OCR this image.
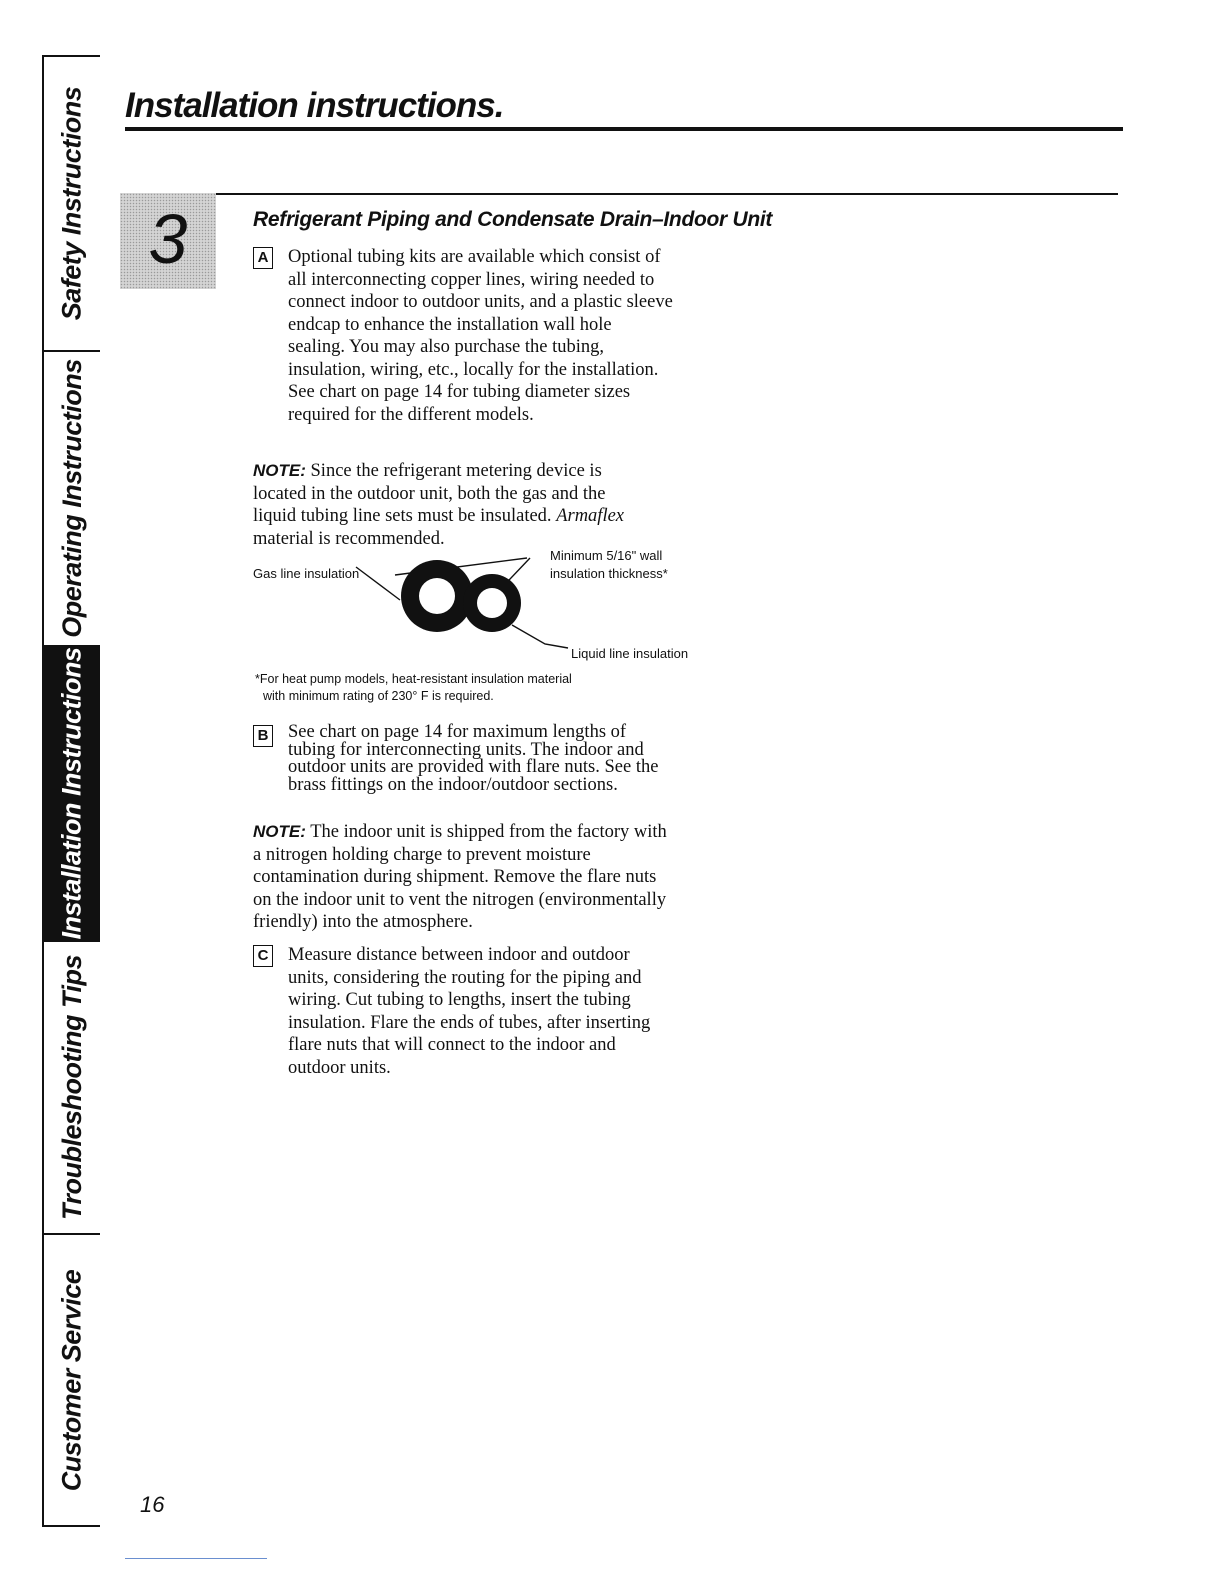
Safety Instructions
Operating Instructions
Installation Instructions
Troubleshooting Tips
Customer Service
Installation instructions.
3	Refrigerant Piping and Condensate Drain–Indoor Unit
A Optional tubing kits are available which consist of all interconnecting copper lines, wiring needed to connect indoor to outdoor units, and a plastic sleeve endcap to enhance the installation wall hole sealing. You may also purchase the tubing, insulation, wiring, etc., locally for the installation. See chart on page 14 for tubing diameter sizes required for the different models.

NOTE: Since the refrigerant metering device is located in the outdoor unit, both the gas and the liquid tubing line sets must be insulated. Armaflex material is recommended.

Gas line insulation
Minimum 5/16" wall
insulation thickness*
Liquid line insulation
*For heat pump models, heat-resistant insulation material
with minimum rating of 230° F is required.
B See chart on page 14 for maximum lengths of tubing for interconnecting units. The indoor and outdoor units are provided with flare nuts. See the brass fittings on the indoor/outdoor sections.

NOTE: The indoor unit is shipped from the factory with a nitrogen holding charge to prevent moisture contamination during shipment. Remove the flare nuts on the indoor unit to vent the nitrogen (environmentally friendly) into the atmosphere.

C Measure distance between indoor and outdoor units, considering the routing for the piping and wiring. Cut tubing to lengths, insert the tubing insulation. Flare the ends of tubes, after inserting flare nuts that will connect to the indoor and outdoor units.

16
